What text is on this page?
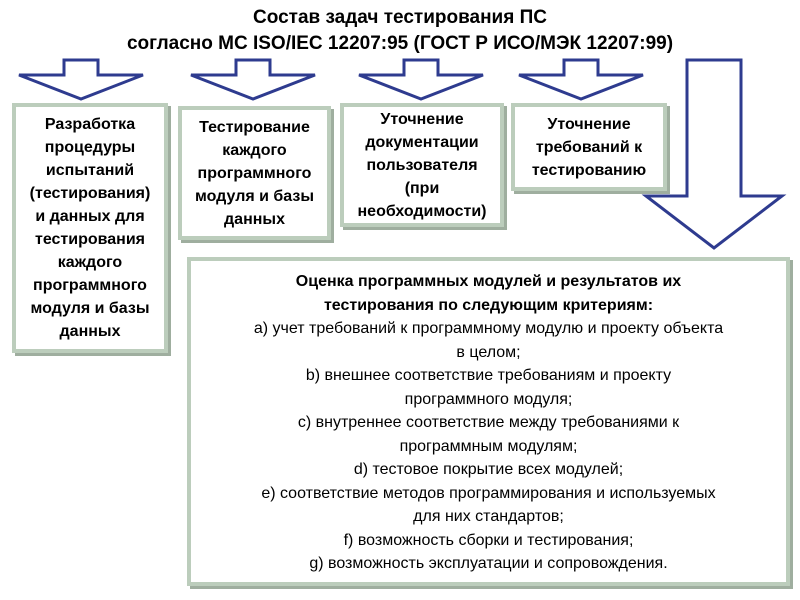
Состав задач тестирования ПС
согласно МС ISO/IEC 12207:95 (ГОСТ Р ИСО/МЭК 12207:99)
Разработка
процедуры
испытаний
(тестирования)
и данных для
тестирования
каждого
программного
модуля и базы
данных
Тестирование
каждого
программного
модуля и базы
данных
Уточнение
документации
пользователя
(при
необходимости)
Уточнение
требований к
тестированию
Оценка программных модулей и результатов их
тестирования по следующим критериям:
a) учет требований к программному модулю и проекту объекта
в целом;
b) внешнее соответствие требованиям и проекту
программного модуля;
c) внутреннее соответствие между требованиями к
программным модулям;
d) тестовое покрытие всех модулей;
e) соответствие методов программирования и используемых
для них стандартов;
f) возможность сборки и тестирования;
g) возможность эксплуатации и сопровождения.
